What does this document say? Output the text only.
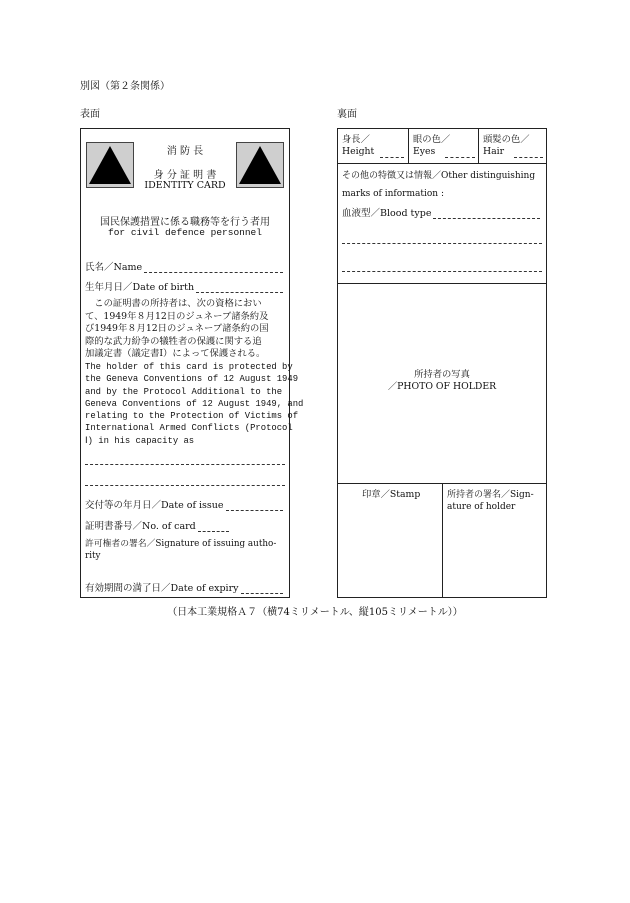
別図（第２条関係）
表面	裏面
消 防 長
身 分 証 明 書
IDENTITY CARD
国民保護措置に係る職務等を行う者用
for civil defence personnel
氏名／Name
生年月日／Date of birth
　この証明書の所持者は、次の資格におい
て、1949年８月12日のジュネーブ諸条約及
び1949年８月12日のジュネーブ諸条約の国
際的な武力紛争の犠牲者の保護に関する追
加議定書（議定書Ⅰ）によって保護される。
The holder of this card is protected by
the Geneva Conventions of 12 August 1949
and by the Protocol Additional to the
Geneva Conventions of 12 August 1949, and
relating to the Protection of Victims of
International Armed Conflicts (Protocol
Ⅰ) in his capacity as
交付等の年月日／Date of issue
証明書番号／No. of card
許可権者の署名／Signature of issuing autho-
rity
有効期間の満了日／Date of expiry
身長／
Height
眼の色／
Eyes
頭髪の色／
Hair
その他の特徴又は情報／Other distinguishing
marks of information :
血液型／Blood type
所持者の写真
／PHOTO OF HOLDER
印章／Stamp	所持者の署名／Sign-
ature of holder
（日本工業規格Ａ７（横74ミリメートル、縦105ミリメートル））
